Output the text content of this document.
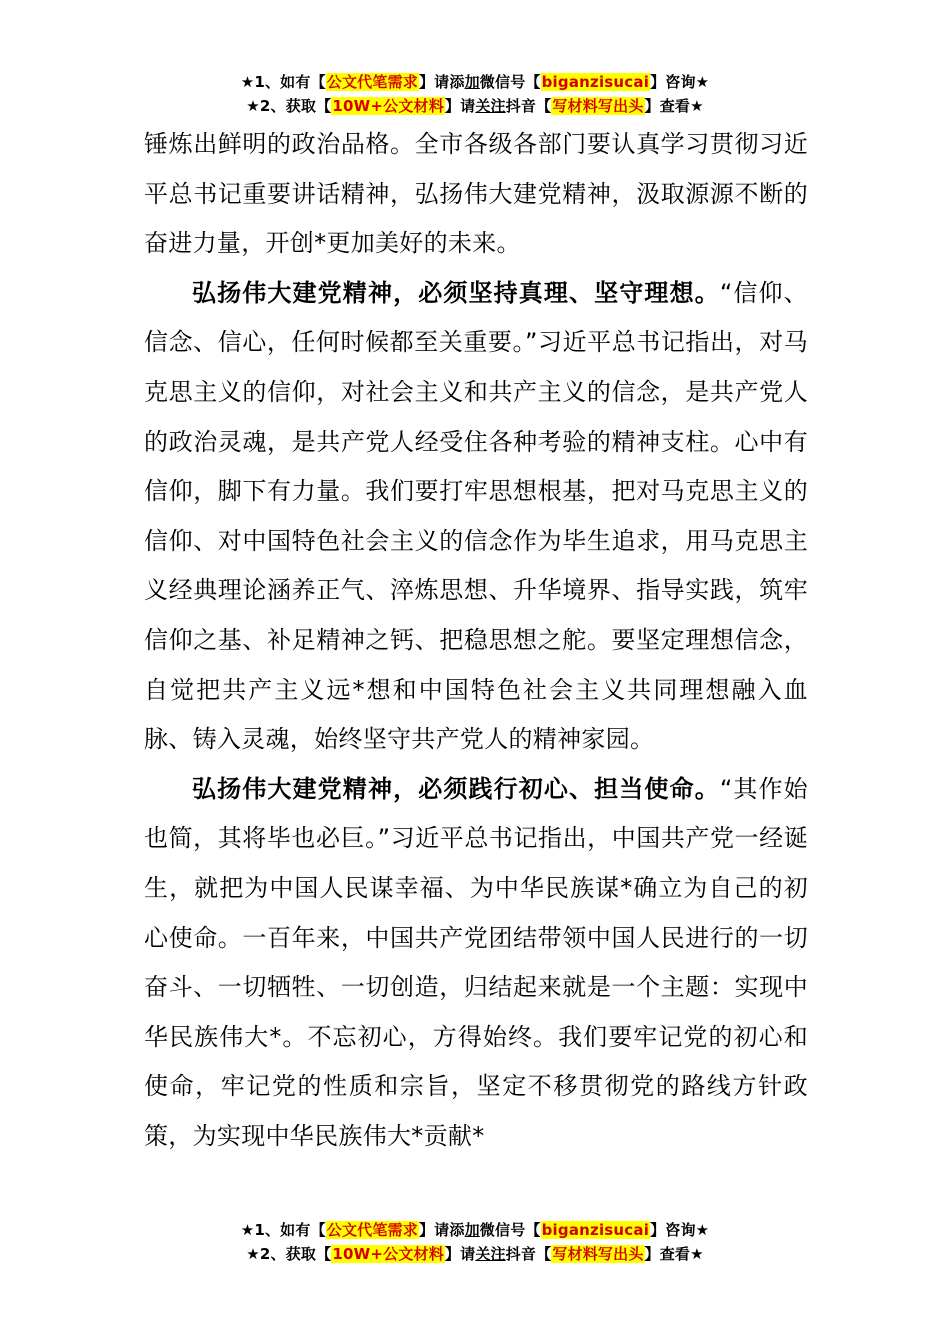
★1、如有【公文代笔需求】请添加微信号【biganzisucai】咨询★
★2、获取【10W+公文材料】请关注抖音【写材料写出头】查看★

锤炼出鲜明的政治品格。全市各级各部门要认真学习贯彻习近平总书记重要讲话精神，弘扬伟大建党精神，汲取源源不断的奋进力量，开创*更加美好的未来。

弘扬伟大建党精神，必须坚持真理、坚守理想。“信仰、信念、信心，任何时候都至关重要。”习近平总书记指出，对马克思主义的信仰，对社会主义和共产主义的信念，是共产党人的政治灵魂，是共产党人经受住各种考验的精神支柱。心中有信仰，脚下有力量。我们要打牢思想根基，把对马克思主义的信仰、对中国特色社会主义的信念作为毕生追求，用马克思主义经典理论涵养正气、淬炼思想、升华境界、指导实践，筑牢信仰之基、补足精神之钙、把稳思想之舵。要坚定理想信念，自觉把共产主义远*想和中国特色社会主义共同理想融入血脉、铸入灵魂，始终坚守共产党人的精神家园。

弘扬伟大建党精神，必须践行初心、担当使命。“其作始也简，其将毕也必巨。”习近平总书记指出，中国共产党一经诞生，就把为中国人民谋幸福、为中华民族谋*确立为自己的初心使命。一百年来，中国共产党团结带领中国人民进行的一切奋斗、一切牺牲、一切创造，归结起来就是一个主题：实现中华民族伟大*。不忘初心，方得始终。我们要牢记党的初心和使命，牢记党的性质和宗旨，坚定不移贯彻党的路线方针政策，为实现中华民族伟大*贡献*

★1、如有【公文代笔需求】请添加微信号【biganzisucai】咨询★
★2、获取【10W+公文材料】请关注抖音【写材料写出头】查看★
